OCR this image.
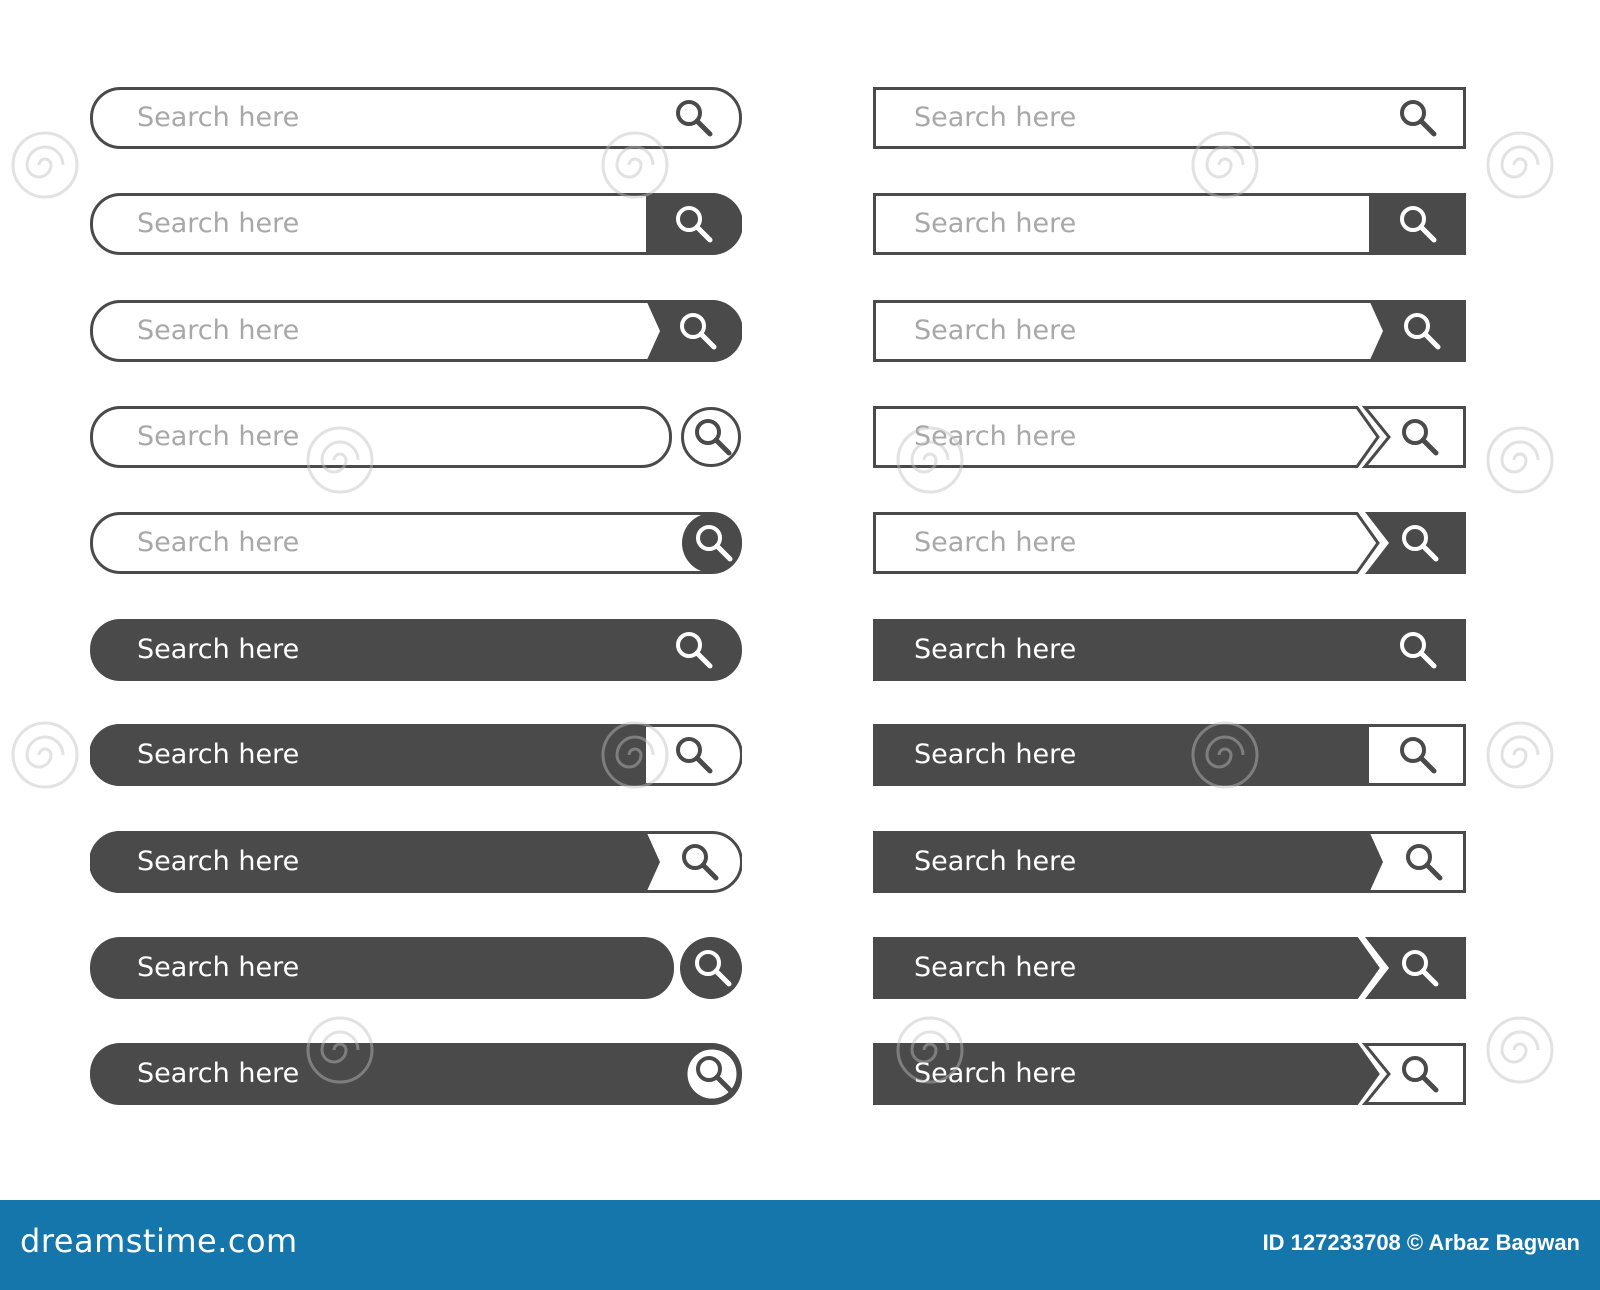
Search here
Search here
Search here
Search here
Search here
Search here
Search here
Search here
Search here
Search here
Search here
Search here
Search here
Search here
Search here
Search here
Search here
Search here
Search here
Search here
dreamstime.com	ID 127233708 © Arbaz Bagwan
